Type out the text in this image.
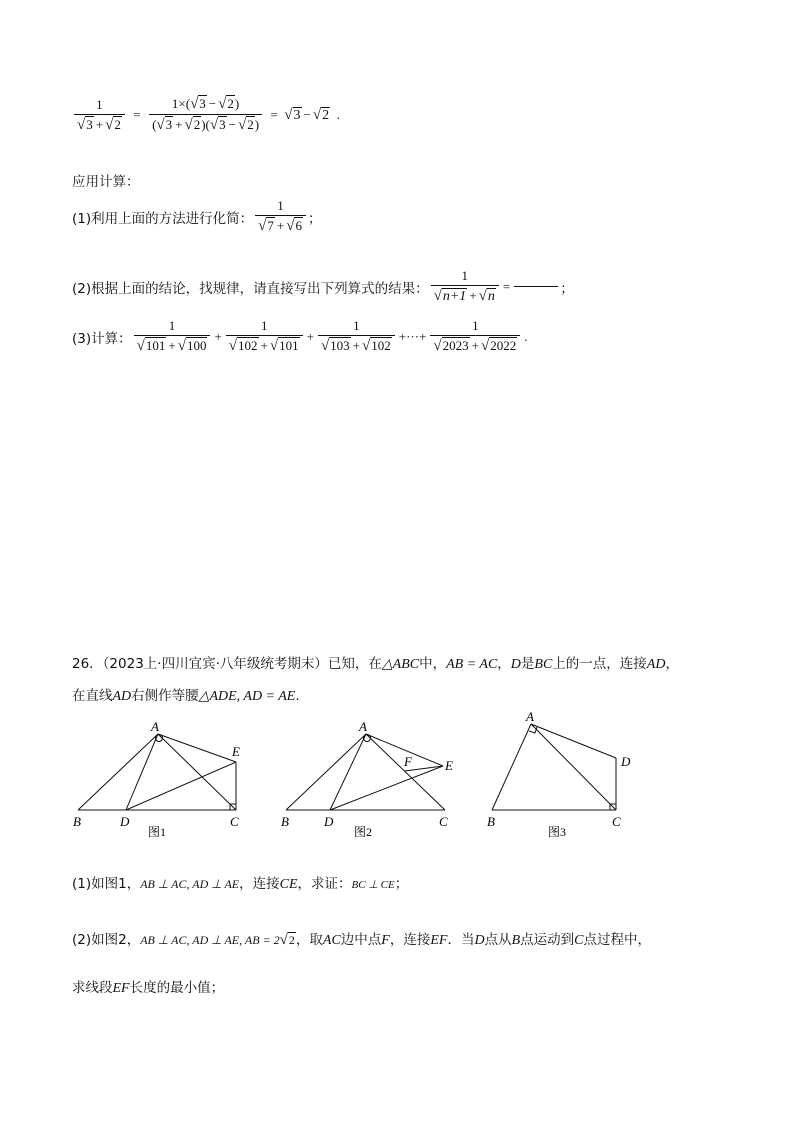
$\frac{1}{√3 + √2} = \frac{1\times(√3 - √2)}{(√3 + √2)(√3 - √2)} = √3 - √2$ .
应用计算：
(1)利用上面的方法进行化简： $\frac{1}{√7 + √6}$ ；
(2)根据上面的结论，找规律，请直接写出下列算式的结果： $\frac{1}{√n+1 + √n}$ =	；
(3)计算： $\frac{1}{√101 + √100} + \frac{1}{√102 + √101} + \frac{1}{√103 + √102}$ +···+ $\frac{1}{√2023 + √2022}$ .
26．（2023上·四川宜宾·八年级统考期末）已知，在△ABC中，AB = AC，D是BC上的一点，连接AD，
在直线AD右侧作等腰△ADE, AD = AE.
A
E
B	D	C
图1
A
F	E
B	D	C
图2
A
D
B	C
图3
(1)如图1，AB ⊥ AC, AD ⊥ AE，连接CE，求证：BC ⊥ CE；
(2)如图2，AB ⊥ AC, AD ⊥ AE, AB = 2√2，取AC边中点F，连接EF．当D点从B点运动到C点过程中，
求线段EF长度的最小值；
